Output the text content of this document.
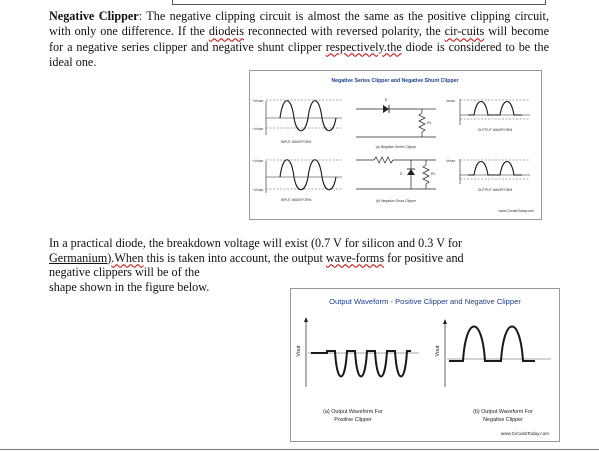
Negative Clipper: The negative clipping circuit is almost the same as the positive clipping circuit, with only one difference. If the diodeis reconnected with reversed polarity, the cir-cuits will become for a negative series clipper and negative shunt clipper respectively.the diode is considered to be the ideal one.

Negative Series Clipper and Negative Shunt Clipper
+Vmax
−Vmax
INPUT WAVEFORM
+Vmax
−Vmax
INPUT WAVEFORM
D
RL
(a) Negative Series Clipper
D	RL
(b) Negative Shunt Clipper
Vmax
OUTPUT WAVEFORM
Vmax
OUTPUT WAVEFORM
www.CircuitsToday.com

In a practical diode, the breakdown voltage will exist (0.7 V for silicon and 0.3 V for
Germanium).When this is taken into account, the output wave-forms for positive and
negative clippers will be of the
shape shown in the figure below.

Output Waveform - Positive Clipper and Negative Clipper
Vout
(a) Output Waveform For
Positive Clipper
Vout
(b) Output Waveform For
Negative Clipper
www.CircuitsToday.com
